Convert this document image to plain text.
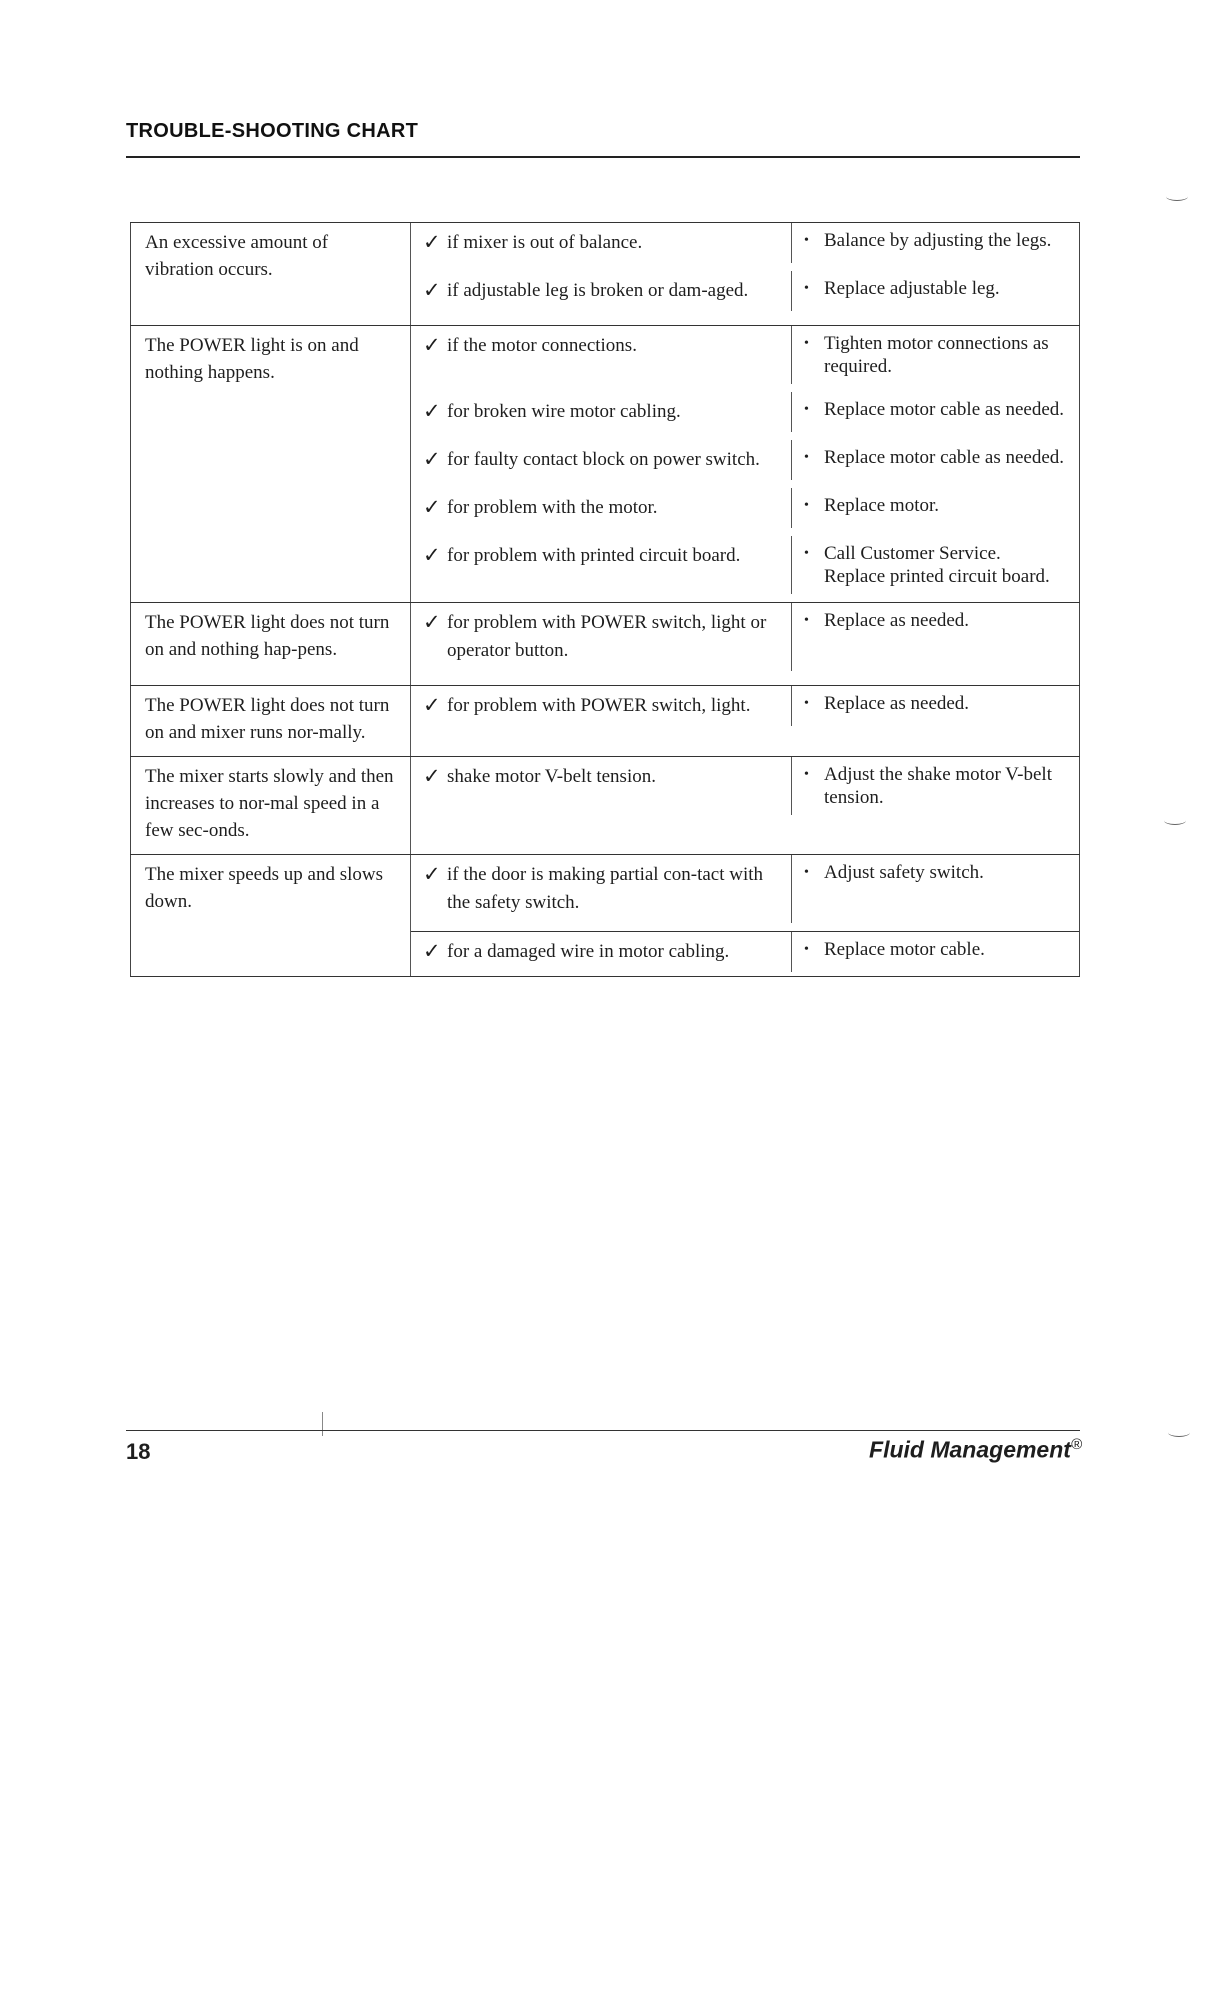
TROUBLE-SHOOTING CHART
An excessive amount of vibration occurs.
✓ if mixer is out of balance.	• Balance by adjusting the legs.
✓ if adjustable leg is broken or dam-aged.	• Replace adjustable leg.
The POWER light is on and nothing happens.
✓ if the motor connections.	• Tighten motor connections as required.
✓ for broken wire motor cabling.	• Replace motor cable as needed.
✓ for faulty contact block on power switch.	• Replace motor cable as needed.
✓ for problem with the motor.	• Replace motor.
✓ for problem with printed circuit board.	• Call Customer Service. Replace printed circuit board.
The POWER light does not turn on and nothing hap-pens.
✓ for problem with POWER switch, light or operator button.
• Replace as needed.
The POWER light does not turn on and mixer runs nor-mally.
✓ for problem with POWER switch, light.	• Replace as needed.
The mixer starts slowly and then increases to nor-mal speed in a few sec-onds.
✓ shake motor V-belt tension.	• Adjust the shake motor V-belt tension.
The mixer speeds up and slows down.
✓ if the door is making partial con-tact with the safety switch.
• Adjust safety switch.
✓ for a damaged wire in motor cabling.	• Replace motor cable.
18	Fluid Management®
